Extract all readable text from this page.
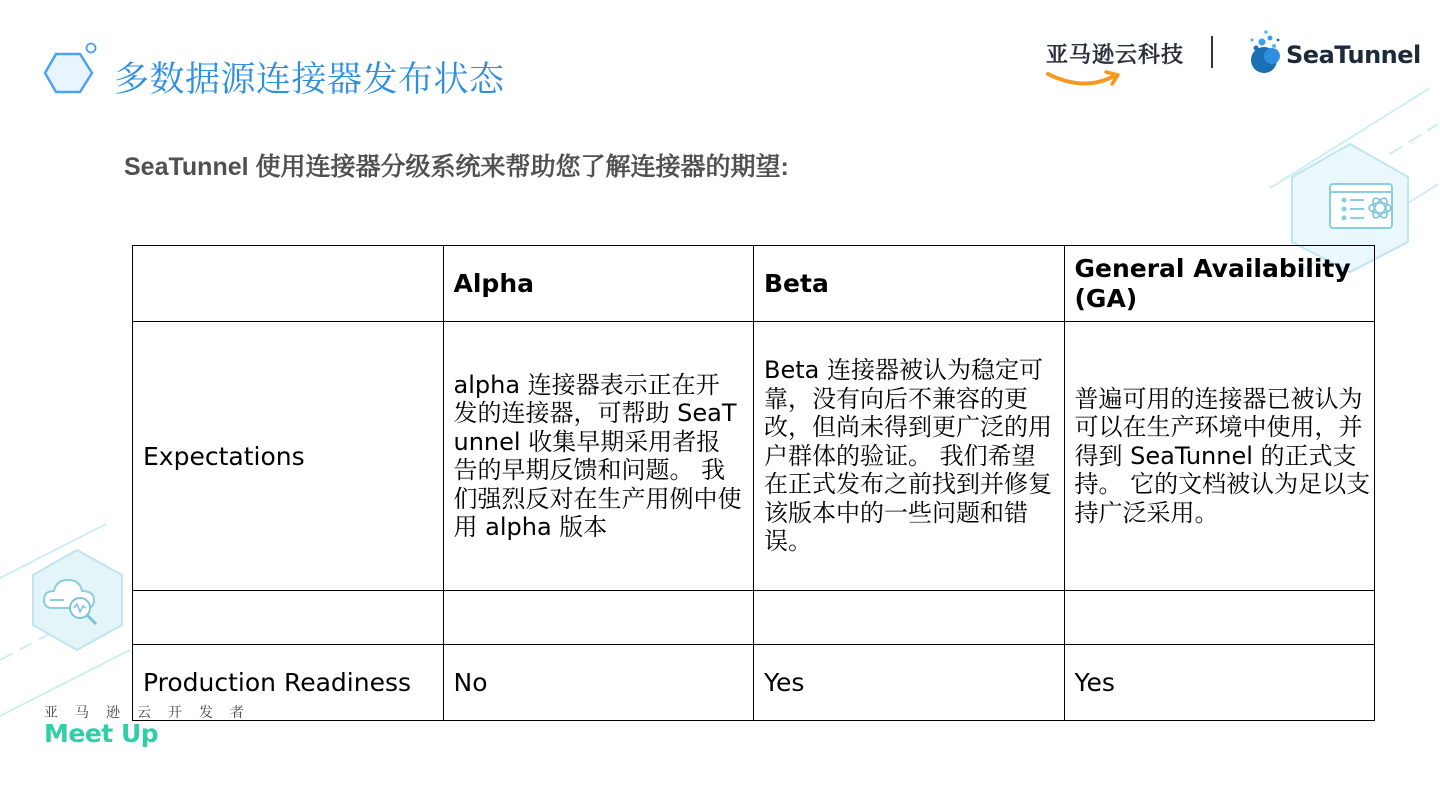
多数据源连接器发布状态
亚马逊云科技	SeaTunnel
SeaTunnel 使用连接器分级系统来帮助您了解连接器的期望:
	Alpha	Beta	General Availability (GA)
Expectations	alpha 连接器表示正在开发的连接器，可帮助 SeaTunnel 收集早期采用者报告的早期反馈和问题。 我们强烈反对在生产用例中使用 alpha 版本	Beta 连接器被认为稳定可靠，没有向后不兼容的更改，但尚未得到更广泛的用户群体的验证。 我们希望在正式发布之前找到并修复该版本中的一些问题和错误。	普遍可用的连接器已被认为可以在生产环境中使用，并得到 SeaTunnel 的正式支持。 它的文档被认为足以支持广泛采用。

Production Readiness	No	Yes	Yes
亚马逊云开发者
Meet Up
